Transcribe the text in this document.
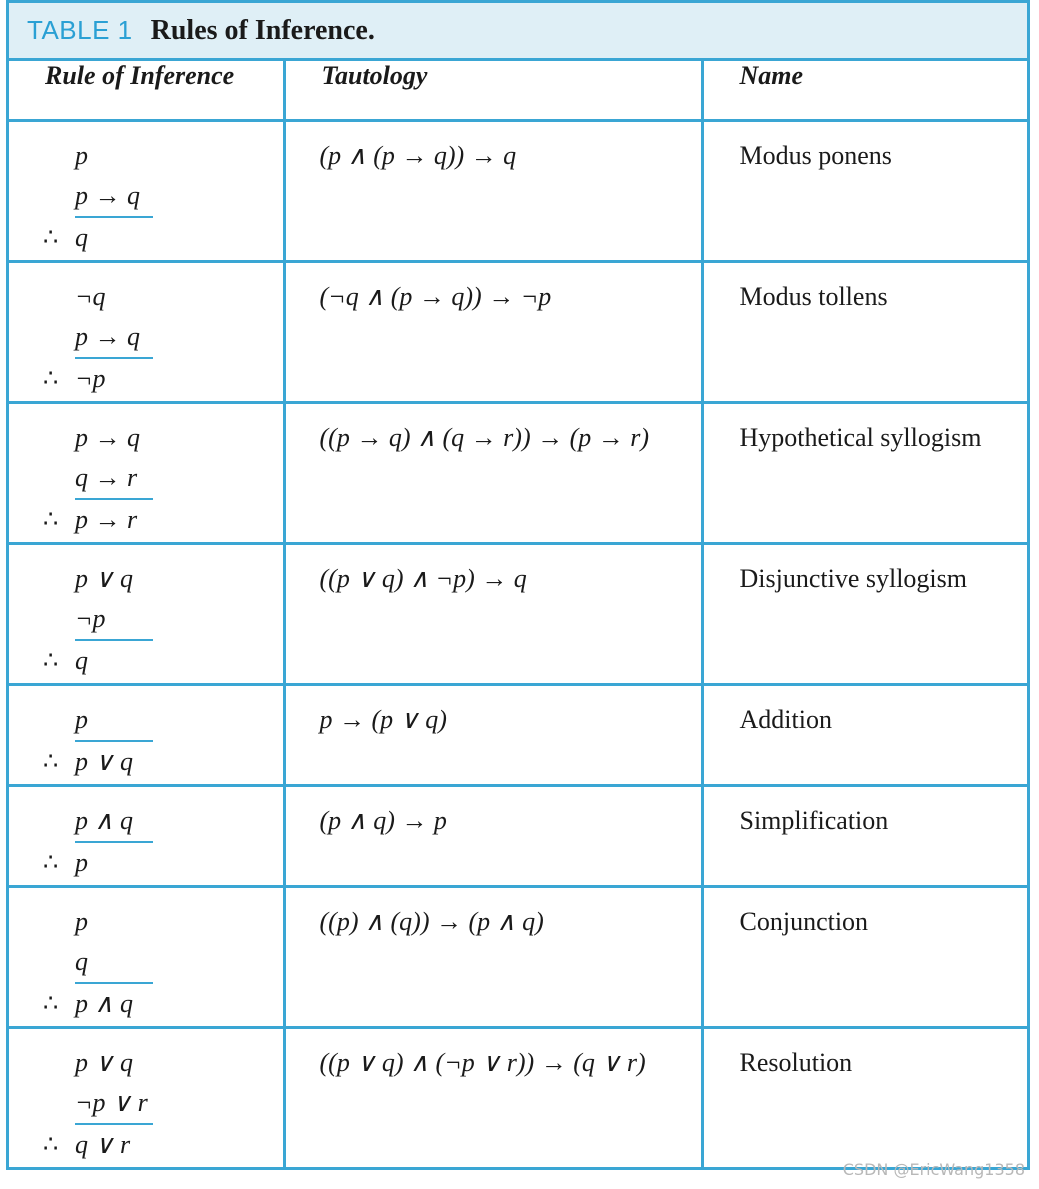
TABLE 1 Rules of Inference.
Rule of Inference	Tautology	Name

p
p → q
∴ q	(p ∧ (p → q)) → q	Modus ponens

¬q
p → q
∴ ¬p	(¬q ∧ (p → q)) → ¬p	Modus tollens

p → q
q → r
∴ p → r	((p → q) ∧ (q → r)) → (p → r)	Hypothetical syllogism

p ∨ q
¬p
∴ q	((p ∨ q) ∧ ¬p) → q	Disjunctive syllogism

p
∴ p ∨ q	p → (p ∨ q)	Addition

p ∧ q
∴ p	(p ∧ q) → p	Simplification

p
q
∴ p ∧ q	((p) ∧ (q)) → (p ∧ q)	Conjunction

p ∨ q
¬p ∨ r
∴ q ∨ r	((p ∨ q) ∧ (¬p ∨ r)) → (q ∨ r)	Resolution
CSDN @EricWang1358
